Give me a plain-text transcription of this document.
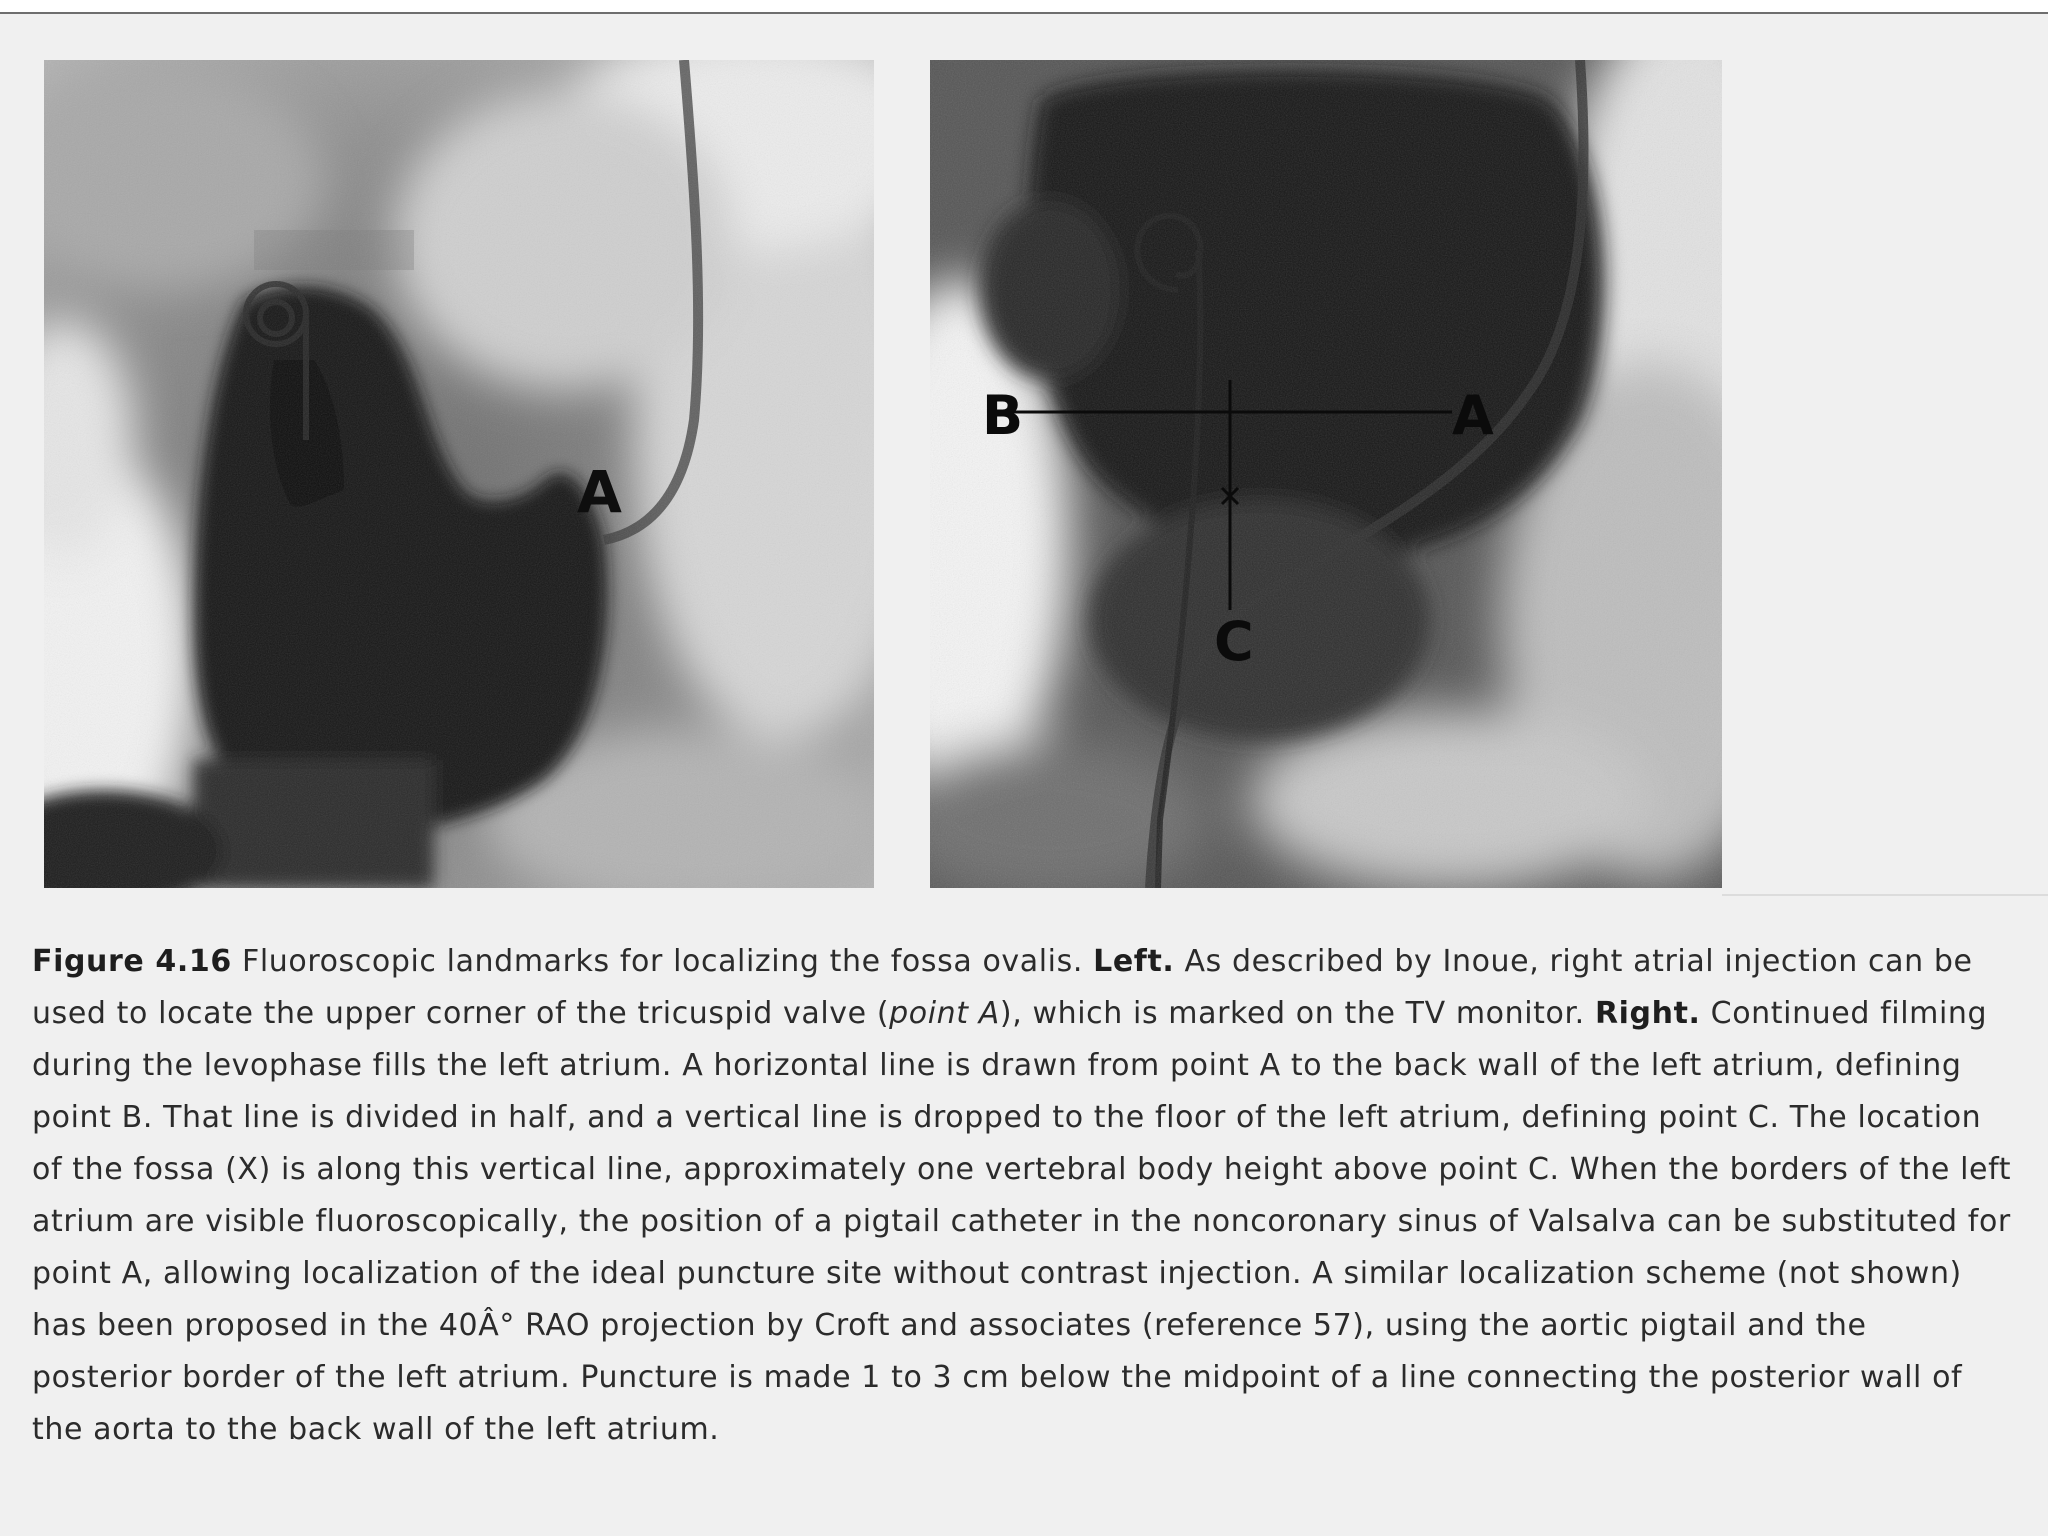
A
B	A
C
Figure 4.16 Fluoroscopic landmarks for localizing the fossa ovalis. Left. As described by Inoue, right atrial injection can be used to locate the upper corner of the tricuspid valve (point A), which is marked on the TV monitor. Right. Continued filming during the levophase fills the left atrium. A horizontal line is drawn from point A to the back wall of the left atrium, defining point B. That line is divided in half, and a vertical line is dropped to the floor of the left atrium, defining point C. The location of the fossa (X) is along this vertical line, approximately one vertebral body height above point C. When the borders of the left atrium are visible fluoroscopically, the position of a pigtail catheter in the noncoronary sinus of Valsalva can be substituted for point A, allowing localization of the ideal puncture site without contrast injection. A similar localization scheme (not shown) has been proposed in the 40Â° RAO projection by Croft and associates (reference 57), using the aortic pigtail and the posterior border of the left atrium. Puncture is made 1 to 3 cm below the midpoint of a line connecting the posterior wall of the aorta to the back wall of the left atrium.
